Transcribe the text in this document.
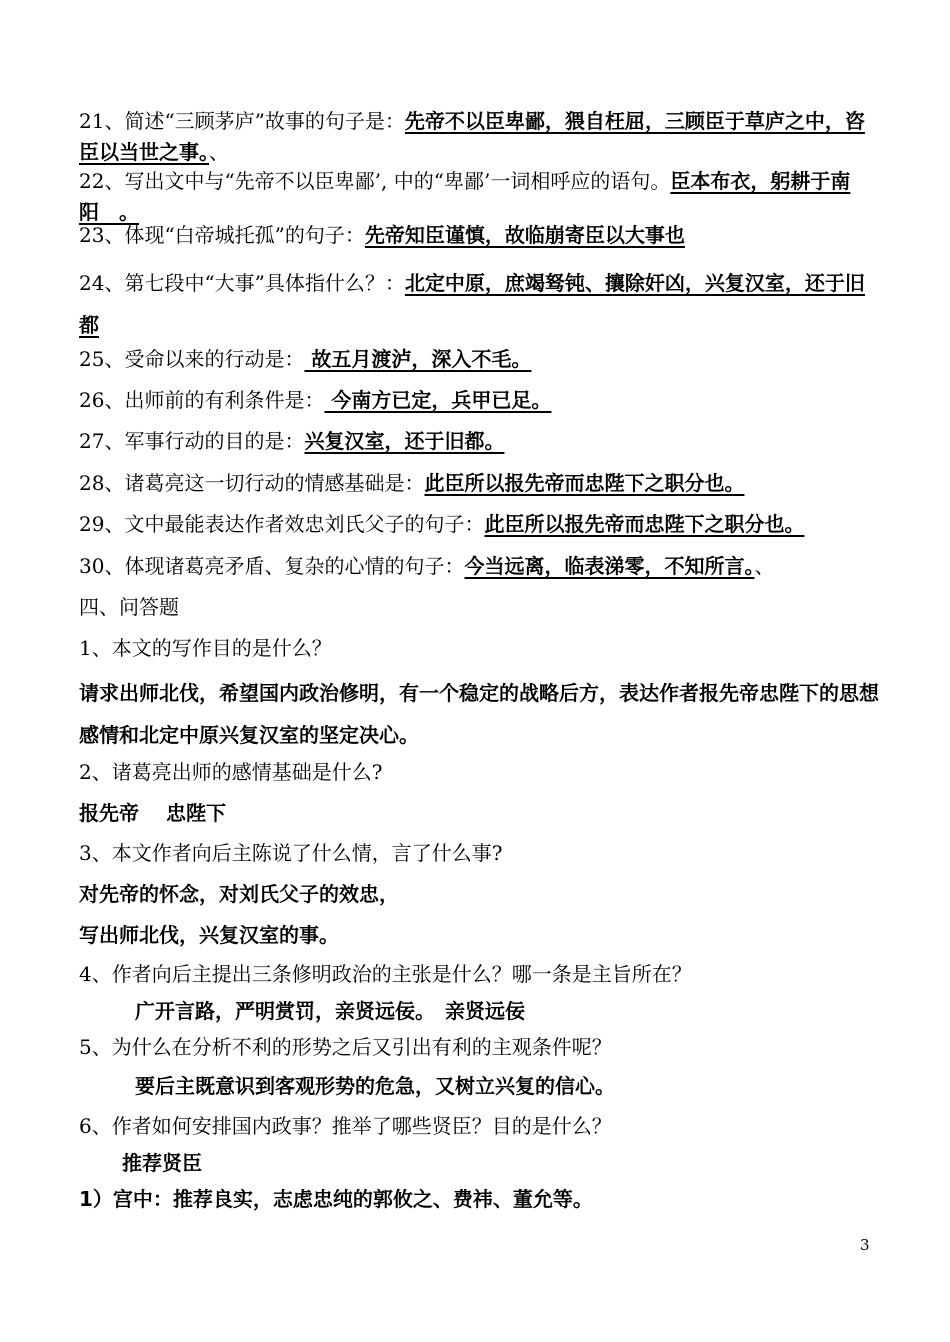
21、简述“三顾茅庐”故事的句子是：先帝不以臣卑鄙，猥自枉屈，三顾臣于草庐之中，咨臣以当世之事。、
22、写出文中与“先帝不以臣卑鄙’, 中的“卑鄙’一词相呼应的语句。臣本布衣，躬耕于南阳　。
23、体现“白帝城托孤”的句子：先帝知臣谨慎，故临崩寄臣以大事也
24、第七段中“大事”具体指什么？：北定中原，庶竭驽钝、攘除奸凶，兴复汉室，还于旧都
25、受命以来的行动是： 故五月渡泸，深入不毛。
26、出师前的有利条件是： 今南方已定，兵甲已足。
27、军事行动的目的是：兴复汉室，还于旧都。
28、诸葛亮这一切行动的情感基础是：此臣所以报先帝而忠陛下之职分也。
29、文中最能表达作者效忠刘氏父子的句子：此臣所以报先帝而忠陛下之职分也。
30、体现诸葛亮矛盾、复杂的心情的句子：今当远离，临表涕零，不知所言。、
四、问答题
1、本文的写作目的是什么？
请求出师北伐，希望国内政治修明，有一个稳定的战略后方，表达作者报先帝忠陛下的思想感情和北定中原兴复汉室的坚定决心。
2、诸葛亮出师的感情基础是什么?
报先帝　 忠陛下
3、本文作者向后主陈说了什么情，言了什么事?
对先帝的怀念，对刘氏父子的效忠，
写出师北伐，兴复汉室的事。
4、作者向后主提出三条修明政治的主张是什么？哪一条是主旨所在？
广开言路，严明赏罚，亲贤远佞。　亲贤远佞
5、为什么在分析不利的形势之后又引出有利的主观条件呢？
要后主既意识到客观形势的危急，又树立兴复的信心。
6、作者如何安排国内政事？推举了哪些贤臣？目的是什么？
推荐贤臣
1）宫中：推荐良实，志虑忠纯的郭攸之、费祎、董允等。
3
